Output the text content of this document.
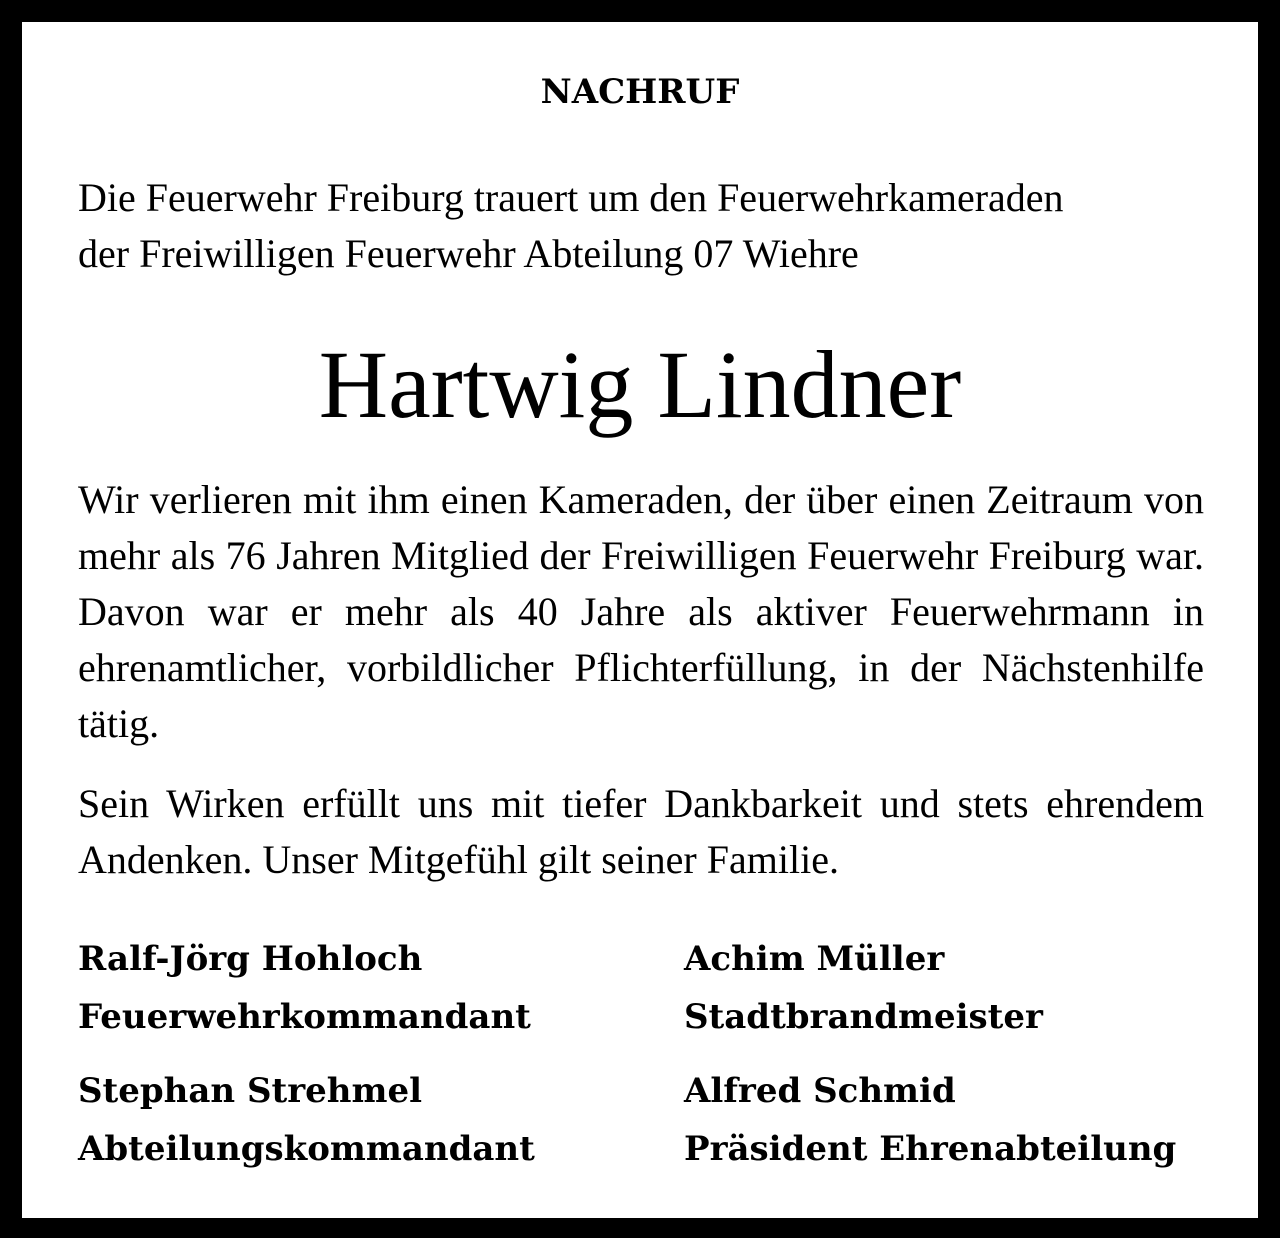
NACHRUF
Die Feuerwehr Freiburg trauert um den Feuerwehrkameraden
der Freiwilligen Feuerwehr Abteilung 07 Wiehre
Hartwig Lindner
Wir verlieren mit ihm einen Kameraden, der über einen Zeitraum von mehr als 76 Jahren Mitglied der Freiwilligen Feuerwehr Freiburg war. Davon war er mehr als 40 Jahre als aktiver Feuerwehrmann in ehrenamtlicher, vorbildlicher Pflichterfüllung, in der Nächstenhilfe tätig.
Sein Wirken erfüllt uns mit tiefer Dankbarkeit und stets ehrendem Andenken. Unser Mitgefühl gilt seiner Familie.
Ralf-Jörg Hohloch
Feuerwehrkommandant
Achim Müller
Stadtbrandmeister
Stephan Strehmel
Abteilungskommandant
Alfred Schmid
Präsident Ehrenabteilung
